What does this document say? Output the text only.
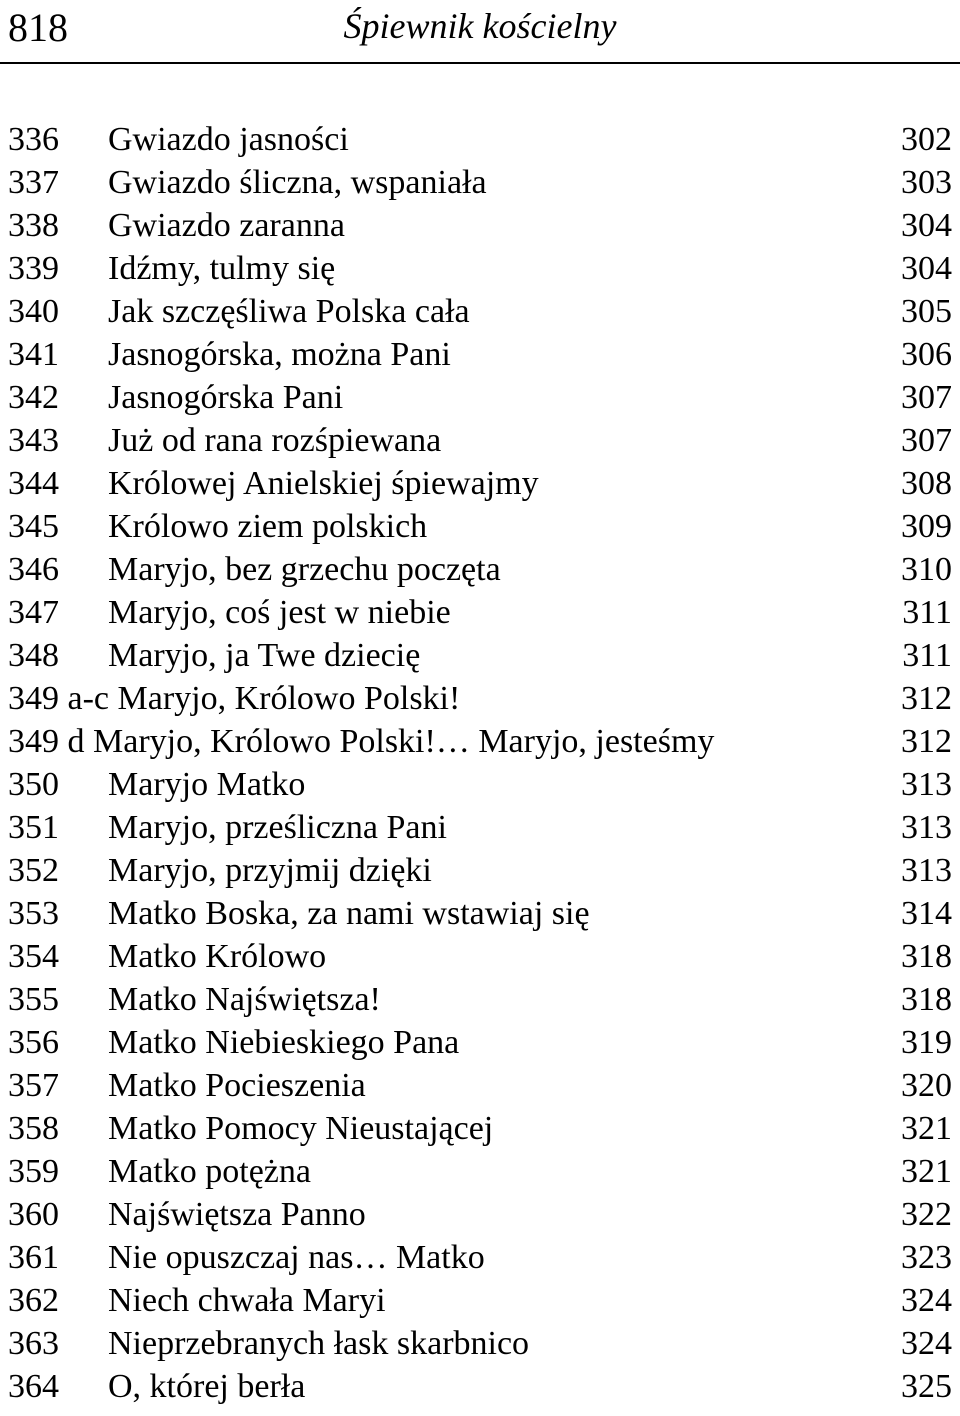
818	Śpiewnik kościelny
336 Gwiazdo jasności	302
337 Gwiazdo śliczna, wspaniała	303
338 Gwiazdo zaranna	304
339 Idźmy, tulmy się	304
340 Jak szczęśliwa Polska cała	305
341 Jasnogórska, można Pani	306
342 Jasnogórska Pani	307
343 Już od rana rozśpiewana	307
344 Królowej Anielskiej śpiewajmy	308
345 Królowo ziem polskich	309
346 Maryjo, bez grzechu poczęta	310
347 Maryjo, coś jest w niebie	311
348 Maryjo, ja Twe dziecię	311
349 a-c Maryjo, Królowo Polski!	312
349 d Maryjo, Królowo Polski!… Maryjo, jesteśmy	312
350 Maryjo Matko	313
351 Maryjo, prześliczna Pani	313
352 Maryjo, przyjmij dzięki	313
353 Matko Boska, za nami wstawiaj się	314
354 Matko Królowo	318
355 Matko Najświętsza!	318
356 Matko Niebieskiego Pana	319
357 Matko Pocieszenia	320
358 Matko Pomocy Nieustającej	321
359 Matko potężna	321
360 Najświętsza Panno	322
361 Nie opuszczaj nas… Matko	323
362 Niech chwała Maryi	324
363 Nieprzebranych łask skarbnico	324
364 O, której berła	325
